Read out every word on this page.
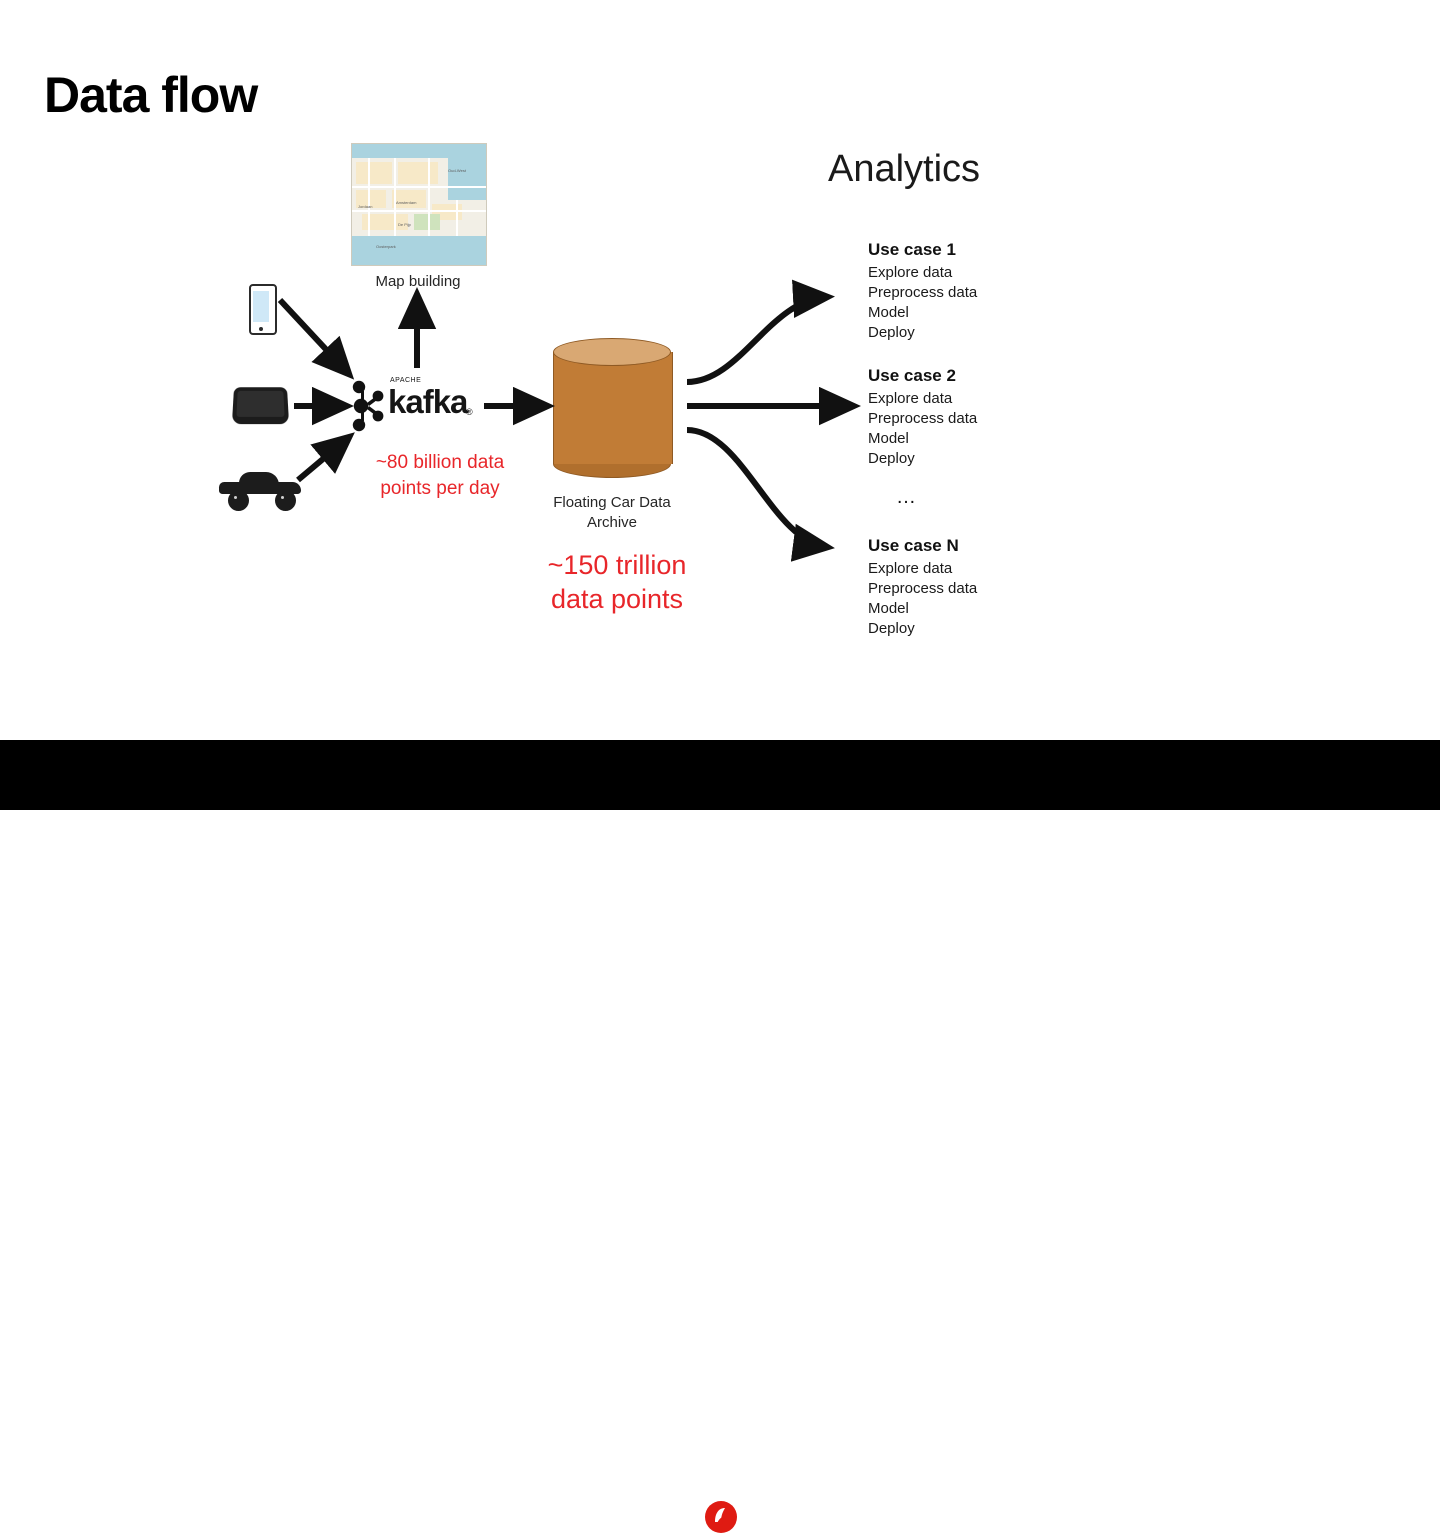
Data flow
Analytics
Amsterdam
De Pijp
Jordaan
Oosterpark
Oud-West
Map building
APACHE
kafka
®
~80 billion data
points per day
Floating Car Data
Archive
~150 trillion
data points
Use case 1
Explore data
Preprocess data
Model
Deploy
Use case 2
Explore data
Preprocess data
Model
Deploy
…
Use case N
Explore data
Preprocess data
Model
Deploy
SPARK+AI
SUMMIT 2019	TOMTOM	9
